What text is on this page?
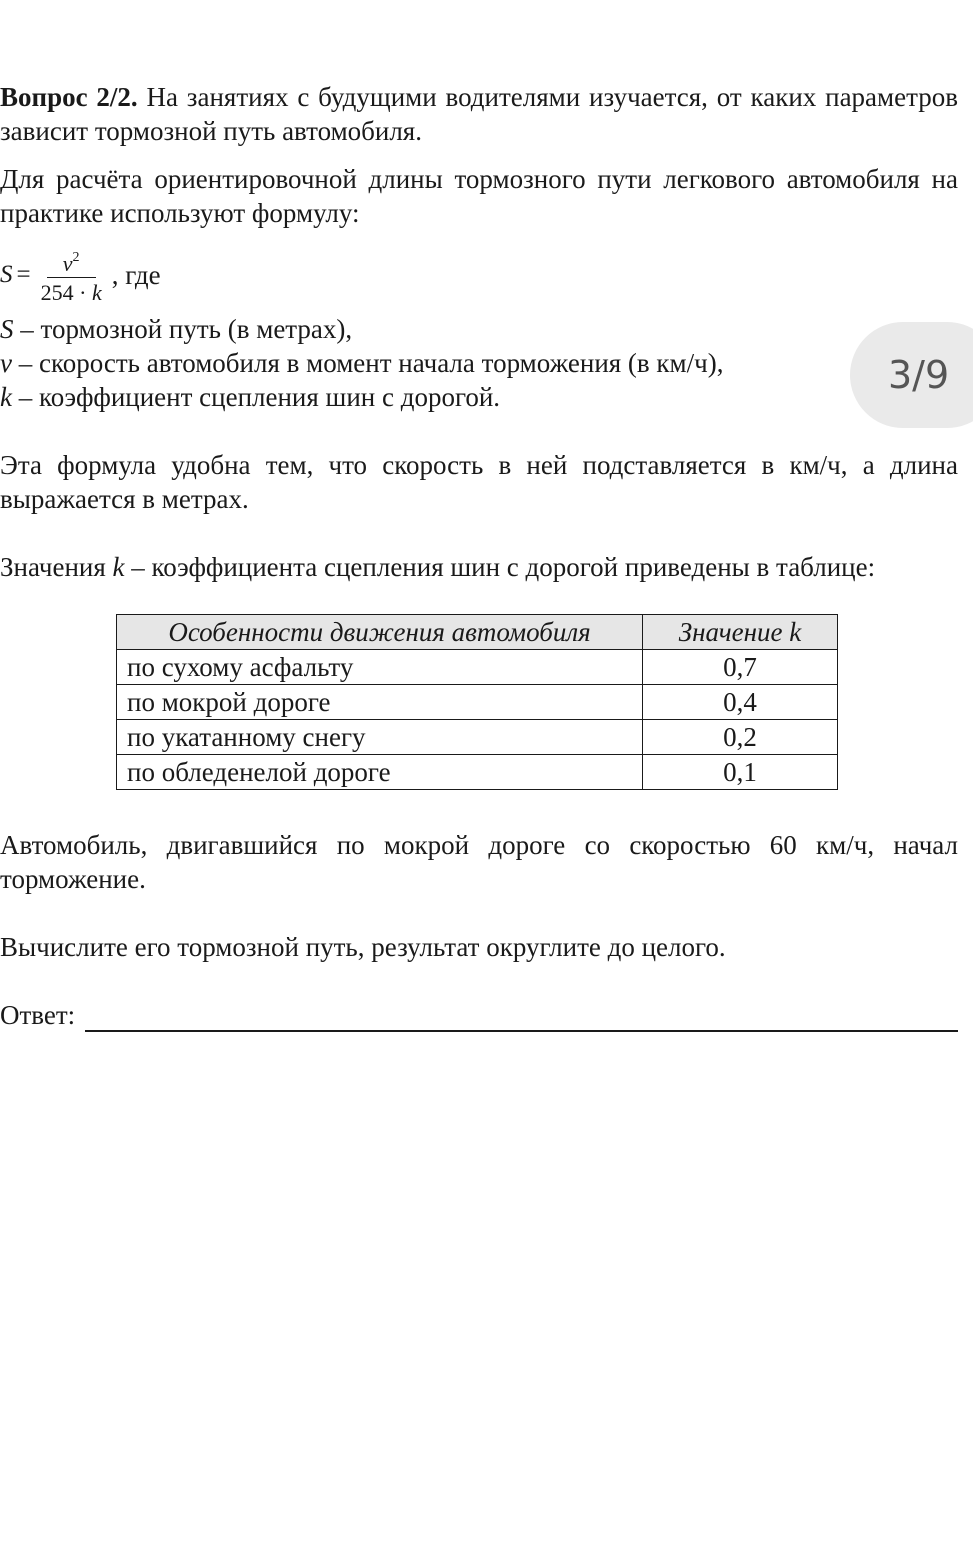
Вопрос 2/2. На занятиях с будущими водителями изучается, от каких параметров зависит тормозной путь автомобиля.

Для расчёта ориентировочной длины тормозного пути легкового автомобиля на практике используют формулу:

$S = \frac{v^2}{254 \cdot k}$ , где
S – тормозной путь (в метрах),
v – скорость автомобиля в момент начала торможения (в км/ч),
k – коэффициент сцепления шин с дорогой.

Эта формула удобна тем, что скорость в ней подставляется в км/ч, а длина выражается в метрах.

Значения k – коэффициента сцепления шин с дорогой приведены в таблице:

Особенности движения автомобиля	Значение k
по сухому асфальту	0,7
по мокрой дороге	0,4
по укатанному снегу	0,2
по обледенелой дороге	0,1

Автомобиль, двигавшийся по мокрой дороге со скоростью 60 км/ч, начал торможение.

Вычислите его тормозной путь, результат округлите до целого.

Ответ:
3/9
